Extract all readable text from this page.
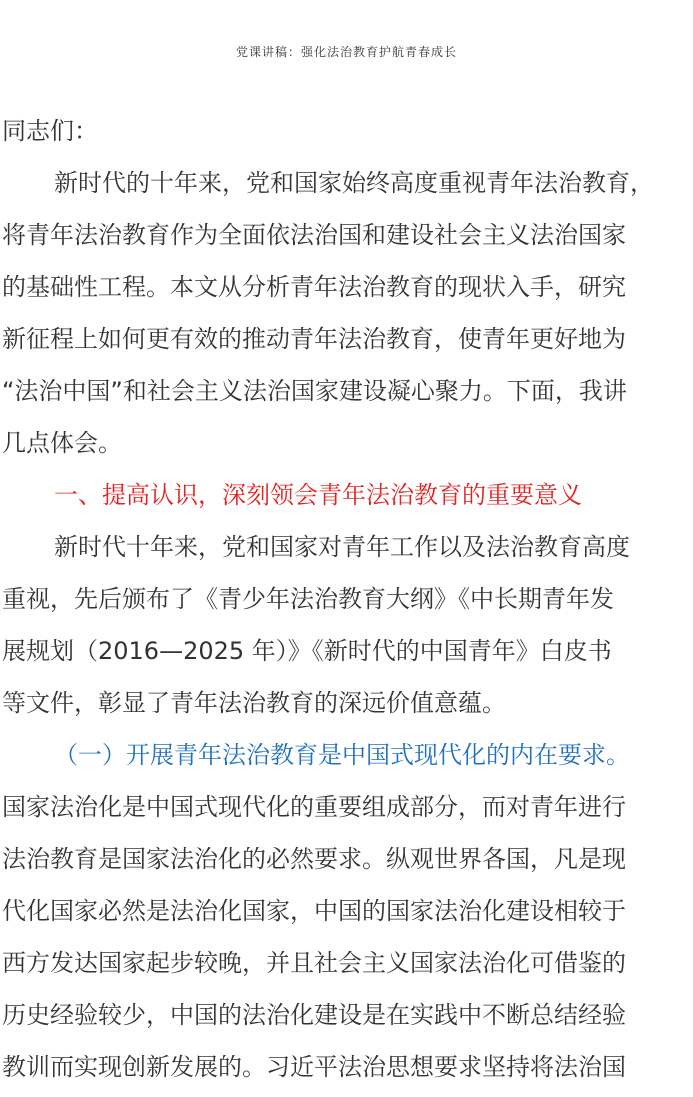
党课讲稿：强化法治教育护航青春成长
同志们：
新时代的十年来，党和国家始终高度重视青年法治教育，
将青年法治教育作为全面依法治国和建设社会主义法治国家
的基础性工程。本文从分析青年法治教育的现状入手，研究
新征程上如何更有效的推动青年法治教育，使青年更好地为
“法治中国”和社会主义法治国家建设凝心聚力。下面，我讲
几点体会。
一、提高认识，深刻领会青年法治教育的重要意义
新时代十年来，党和国家对青年工作以及法治教育高度
重视，先后颁布了《青少年法治教育大纲》《中长期青年发
展规划（2016—2025 年）》《新时代的中国青年》白皮书
等文件，彰显了青年法治教育的深远价值意蕴。
（一）开展青年法治教育是中国式现代化的内在要求。
国家法治化是中国式现代化的重要组成部分，而对青年进行
法治教育是国家法治化的必然要求。纵观世界各国，凡是现
代化国家必然是法治化国家，中国的国家法治化建设相较于
西方发达国家起步较晚，并且社会主义国家法治化可借鉴的
历史经验较少，中国的法治化建设是在实践中不断总结经验
教训而实现创新发展的。习近平法治思想要求坚持将法治国
